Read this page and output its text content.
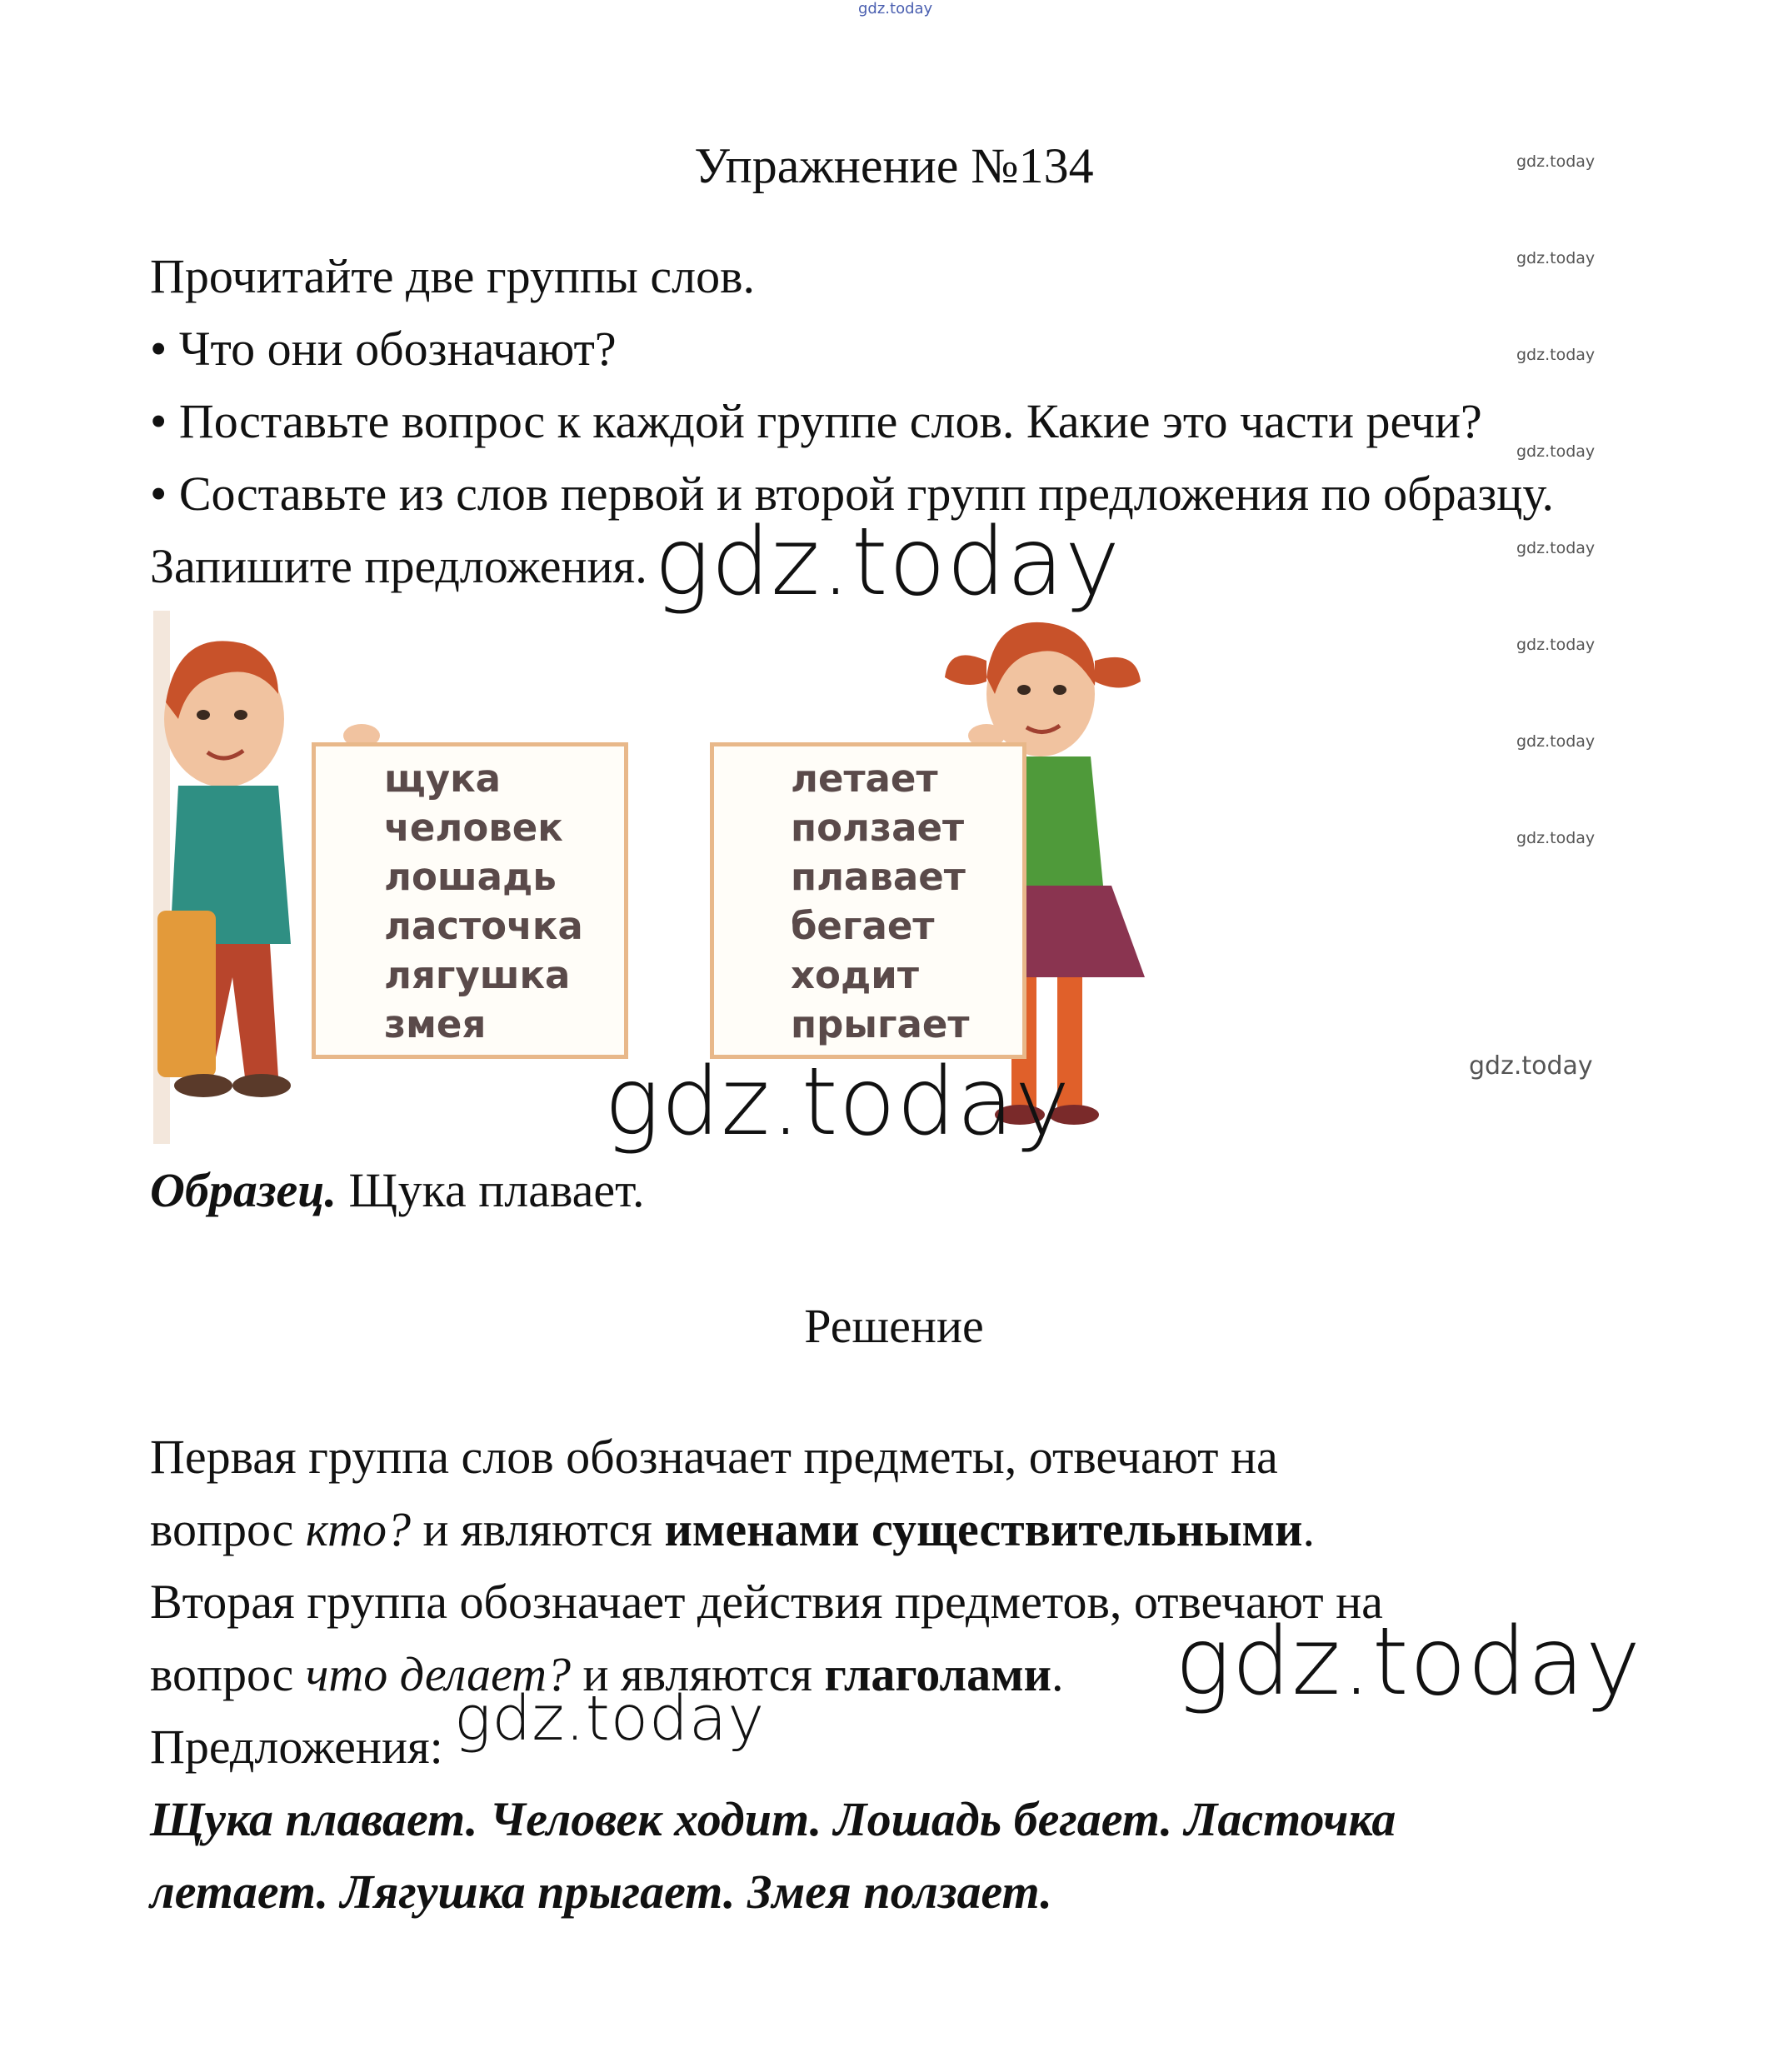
gdz.today
gdz.today
gdz.today
gdz.today
gdz.today
gdz.today
gdz.today
gdz.today
gdz.today
gdz.today
Упражнение №134
Прочитайте две группы слов.
• Что они обозначают?
• Поставьте вопрос к каждой группе слов. Какие это части речи?
• Составьте из слов первой и второй групп предложения по образцу.
Запишите предложения. gdz.today
щука
человек
лошадь
ласточка
лягушка
змея
летает
ползает
плавает
бегает
ходит
прыгает
gdz.today
Образец. Щука плавает.
Решение
Первая группа слов обозначает предметы, отвечают на
вопрос кто? и являются именами существительными.
Вторая группа обозначает действия предметов, отвечают на
вопрос что делает? и являются глаголами. gdz.today
Предложения: gdz.today
Щука плавает. Человек ходит. Лошадь бегает. Ласточка
летает. Лягушка прыгает. Змея ползает.
